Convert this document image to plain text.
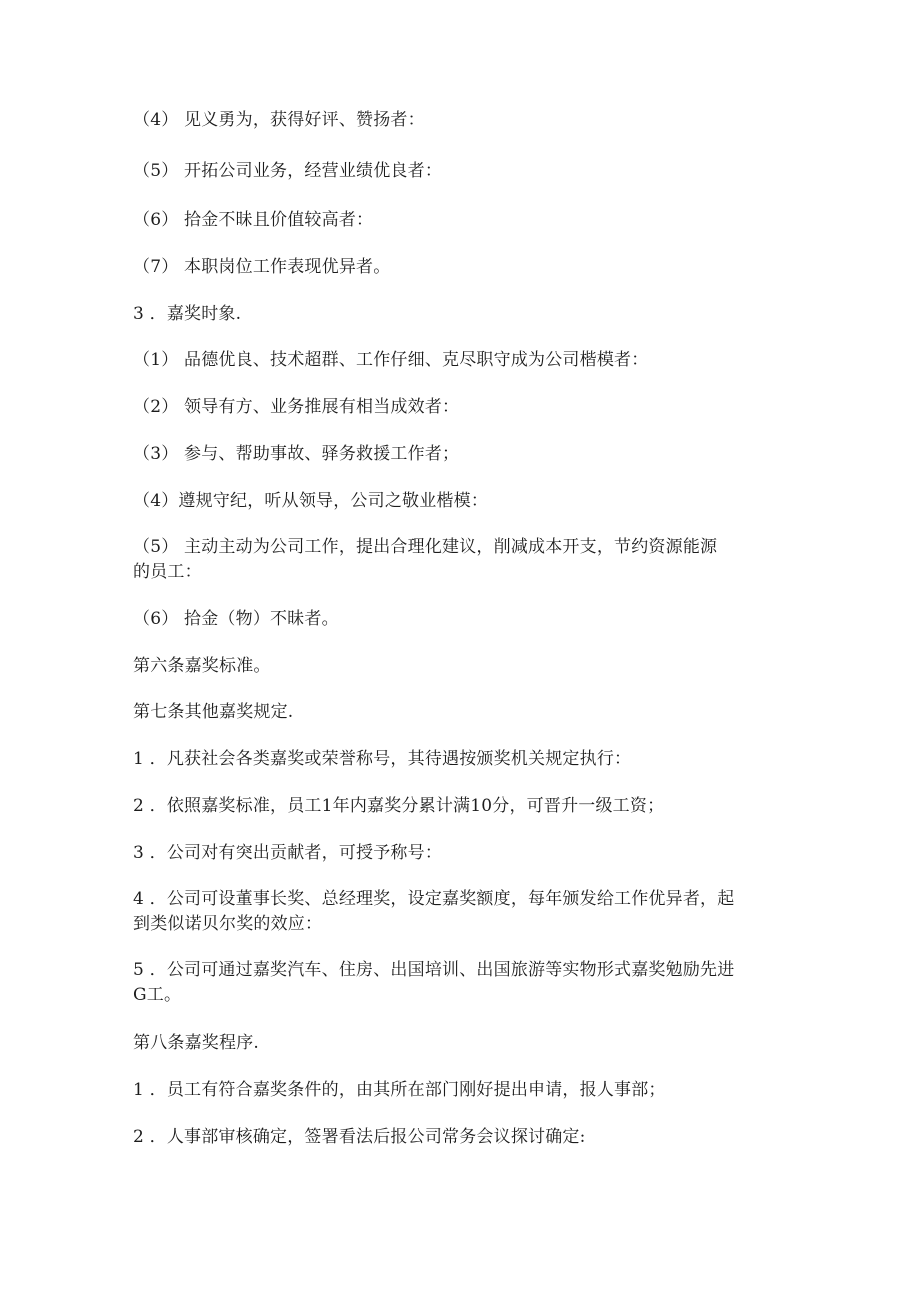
（4） 见义勇为，获得好评、赞扬者：
（5） 开拓公司业务，经营业绩优良者：
（6） 拾金不昧且价值较高者：
（7） 本职岗位工作表现优异者。
3 ．嘉奖时象.
（1） 品德优良、技术超群、工作仔细、克尽职守成为公司楷模者：
（2） 领导有方、业务推展有相当成效者：
（3） 参与、帮助事故、驿务救援工作者；
（4）遵规守纪，听从领导，公司之敬业楷模：
（5） 主动主动为公司工作，提出合理化建议，削减成本开支，节约资源能源
的员工：
（6） 拾金（物）不昧者。
第六条嘉奖标准。
第七条其他嘉奖规定.
1 ．凡获社会各类嘉奖或荣誉称号，其待遇按颁奖机关规定执行：
2 ．依照嘉奖标准，员工1年内嘉奖分累计满10分，可晋升一级工资；
3 ．公司对有突出贡献者，可授予称号：
4 ．公司可设董事长奖、总经理奖，设定嘉奖额度，每年颁发给工作优异者，起
到类似诺贝尔奖的效应：
5 ．公司可通过嘉奖汽车、住房、出国培训、出国旅游等实物形式嘉奖勉励先进
G工。
第八条嘉奖程序.
1 ．员工有符合嘉奖条件的，由其所在部门刚好提出申请，报人事部；
2 ．人事部审核确定，签署看法后报公司常务会议探讨确定:
